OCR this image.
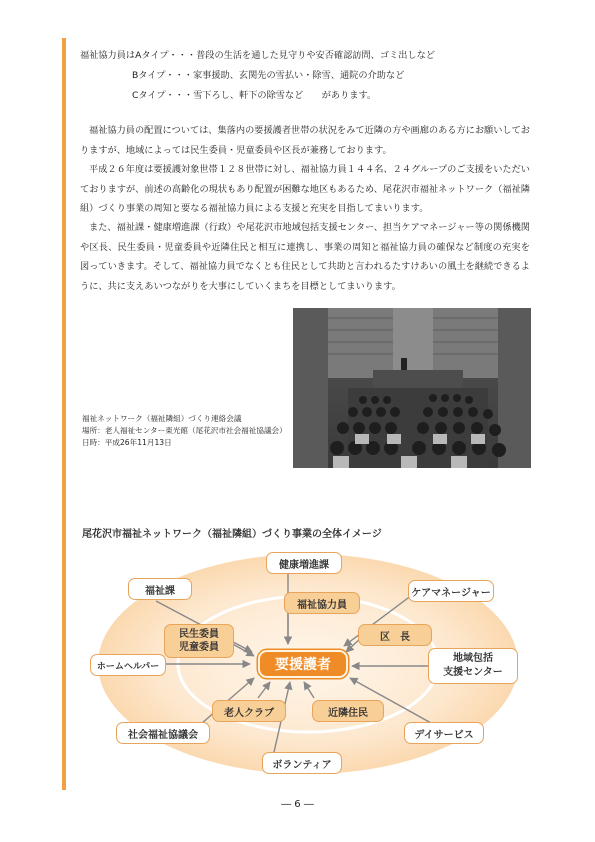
福祉協力員はAタイプ・・・普段の生活を通した見守りや安否確認訪問、ゴミ出しなど
Bタイプ・・・家事援助、玄関先の雪払い・除雪、通院の介助など
Cタイプ・・・雪下ろし、軒下の除雪など　　があります。
福祉協力員の配置については、集落内の要援護者世帯の状況をみて近隣の方や画廊のある方にお願いしておりますが、地域によっては民生委員・児童委員や区長が兼務しております。
平成２６年度は要援護対象世帯１２８世帯に対し、福祉協力員１４４名、２４グループのご支援をいただいておりますが、前述の高齢化の現状もあり配置が困難な地区もあるため、尾花沢市福祉ネットワーク（福祉隣組）づくり事業の周知と要なる福祉協力員による支援と充実を目指してまいります。
また、福祉課・健康増進課（行政）や尾花沢市地域包括支援センター、担当ケアマネージャー等の関係機関や区長、民生委員・児童委員や近隣住民と相互に連携し、事業の周知と福祉協力員の確保など制度の充実を図っていきます。そして、福祉協力員でなくとも住民として共助と言われるたすけあいの風土を継続できるように、共に支えあいつながりを大事にしていくまちを目標としてまいります。
福祉ネットワーク（福祉隣組）づくり連絡会議
場所：老人福祉センター東光館（尾花沢市社会福祉協議会）
日時：平成26年11月13日
尾花沢市福祉ネットワーク（福祉隣組）づくり事業の全体イメージ
福祉課
健康増進課
ケアマネージャー
福祉協力員
民生委員
児童委員
区　長
ホームヘルパー	要援護者	地域包括
支援センター
老人クラブ	近隣住民
社会福祉協議会	デイサービス
ボランティア
― 6 ―
